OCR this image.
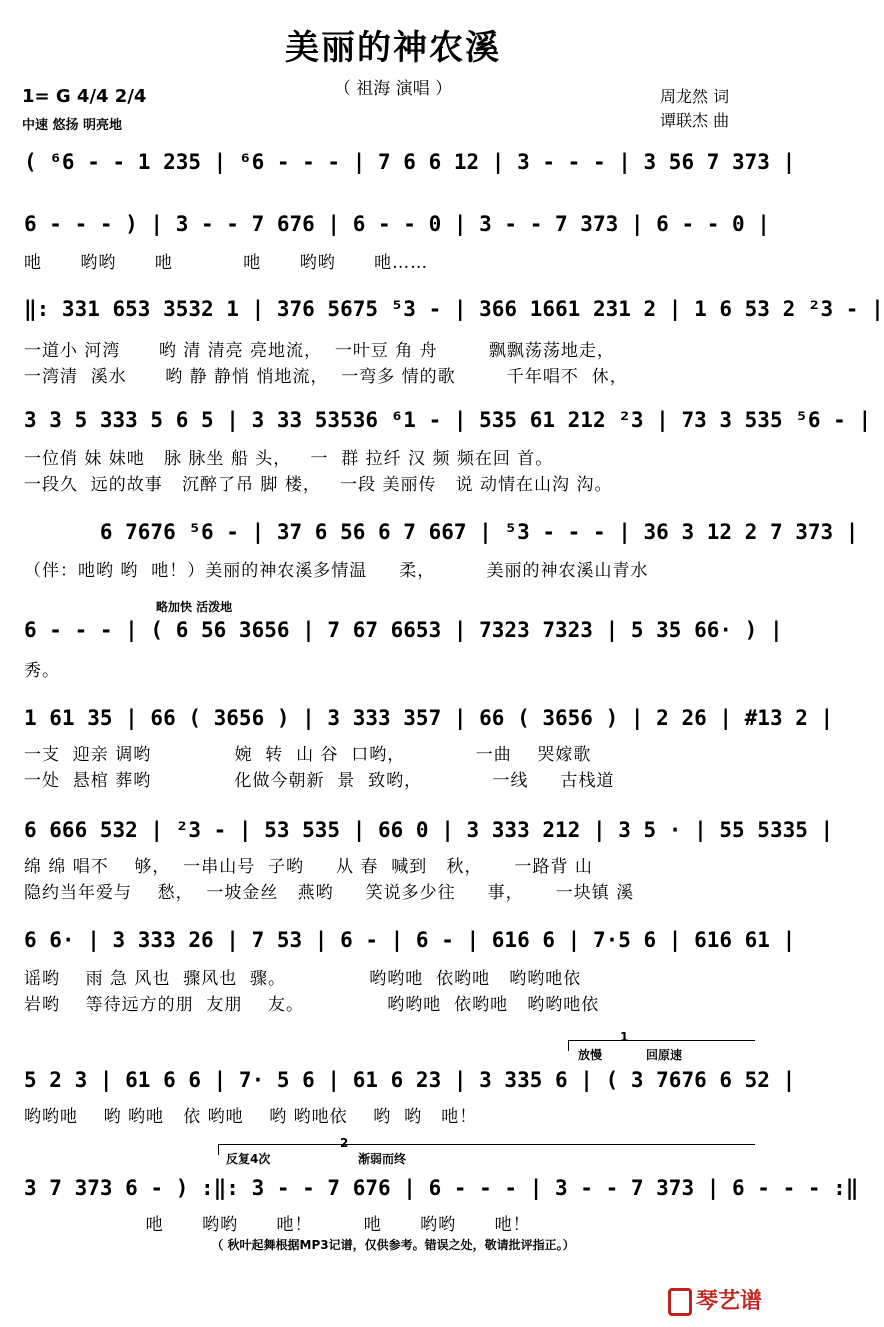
美丽的神农溪
（ 祖海 演唱 ）
1= G 4/4 2/4
中速 悠扬 明亮地
周龙然 词
谭联杰 曲
( ⁶6 - - 1 235 | ⁶6 - - - | 7 6 6 12 | 3 - - - | 3 56 7 373 |
6 - - - ) | 3 - - 7 676 | 6 - - 0 | 3 - - 7 373 | 6 - - 0 |
吔      哟哟      吔           吔      哟哟      吔……
‖: 331 653 3532 1 | 376 5675 ⁵3 - | 366 1661 231 2 | 1 6 53 2 ²3 - |
一道小 河湾      哟 清 清亮 亮地流，  一叶豆 角 舟        飘飘荡荡地走，
一湾清  溪水      哟 静 静悄 悄地流，  一弯多 情的歌        千年唱不  休，
3 3 5 333 5 6 5 | 3 33 53536 ⁶1 - | 535 61 212 ²3 | 73 3 535 ⁵6 - |
一位俏 妹 妹吔   脉 脉坐 船 头，   一  群 拉纤 汉 频 频在回 首。
一段久  远的故事   沉醉了吊 脚 楼，   一段 美丽传   说 动情在山沟 沟。
6 7676 ⁵6 - | 37 6 56 6 7 667 | ⁵3 - - - | 36 3 12 2 7 373 |
（伴：吔哟 哟  吔！）美丽的神农溪多情温     柔，        美丽的神农溪山青水
略加快 活泼地
6 - - - | ( 6 56 3656 | 7 67 6653 | 7323 7323 | 5 35 66· ) |
秀。
1 61 35 | 66 ( 3656 ) | 3 333 357 | 66 ( 3656 ) | 2 26 | #13 2 |
一支  迎亲 调哟             婉  转  山 谷  口哟，           一曲    哭嫁歌
一处  悬棺 葬哟             化做今朝新  景  致哟，           一线     古栈道
6 666 532 | ²3 - | 53 535 | 66 0 | 3 333 212 | 3 5 · | 55 5335 |
绵 绵 唱不    够，  一串山号  子哟     从 春  喊到   秋，     一路背 山
隐约当年爱与    愁，  一坡金丝   燕哟     笑说多少往     事，     一块镇 溪
6 6· | 3 333 26 | 7 53 | 6 - | 6 - | 616 6 | 7·5 6 | 616 61 |
谣哟    雨 急 风也  骤风也  骤。             哟哟吔  依哟吔   哟哟吔依
岩哟    等待远方的朋  友朋    友。             哟哟吔  依哟吔   哟哟吔依
1
放慢	回原速
5 2 3 | 61 6 6 | 7· 5 6 | 61 6 23 | 3 335 6 | ( 3 7676 6 52 |
哟哟吔    哟 哟吔   依 哟吔    哟 哟吔依    哟  哟   吔！
反复4次
2
渐弱而终
3 7 373 6 - ) :‖: 3 - - 7 676 | 6 - - - | 3 - - 7 373 | 6 - - - :‖
吔      哟哟      吔！        吔      哟哟      吔！
（ 秋叶起舞根据MP3记谱，仅供参考。错误之处，敬请批评指正。）
琴艺谱
